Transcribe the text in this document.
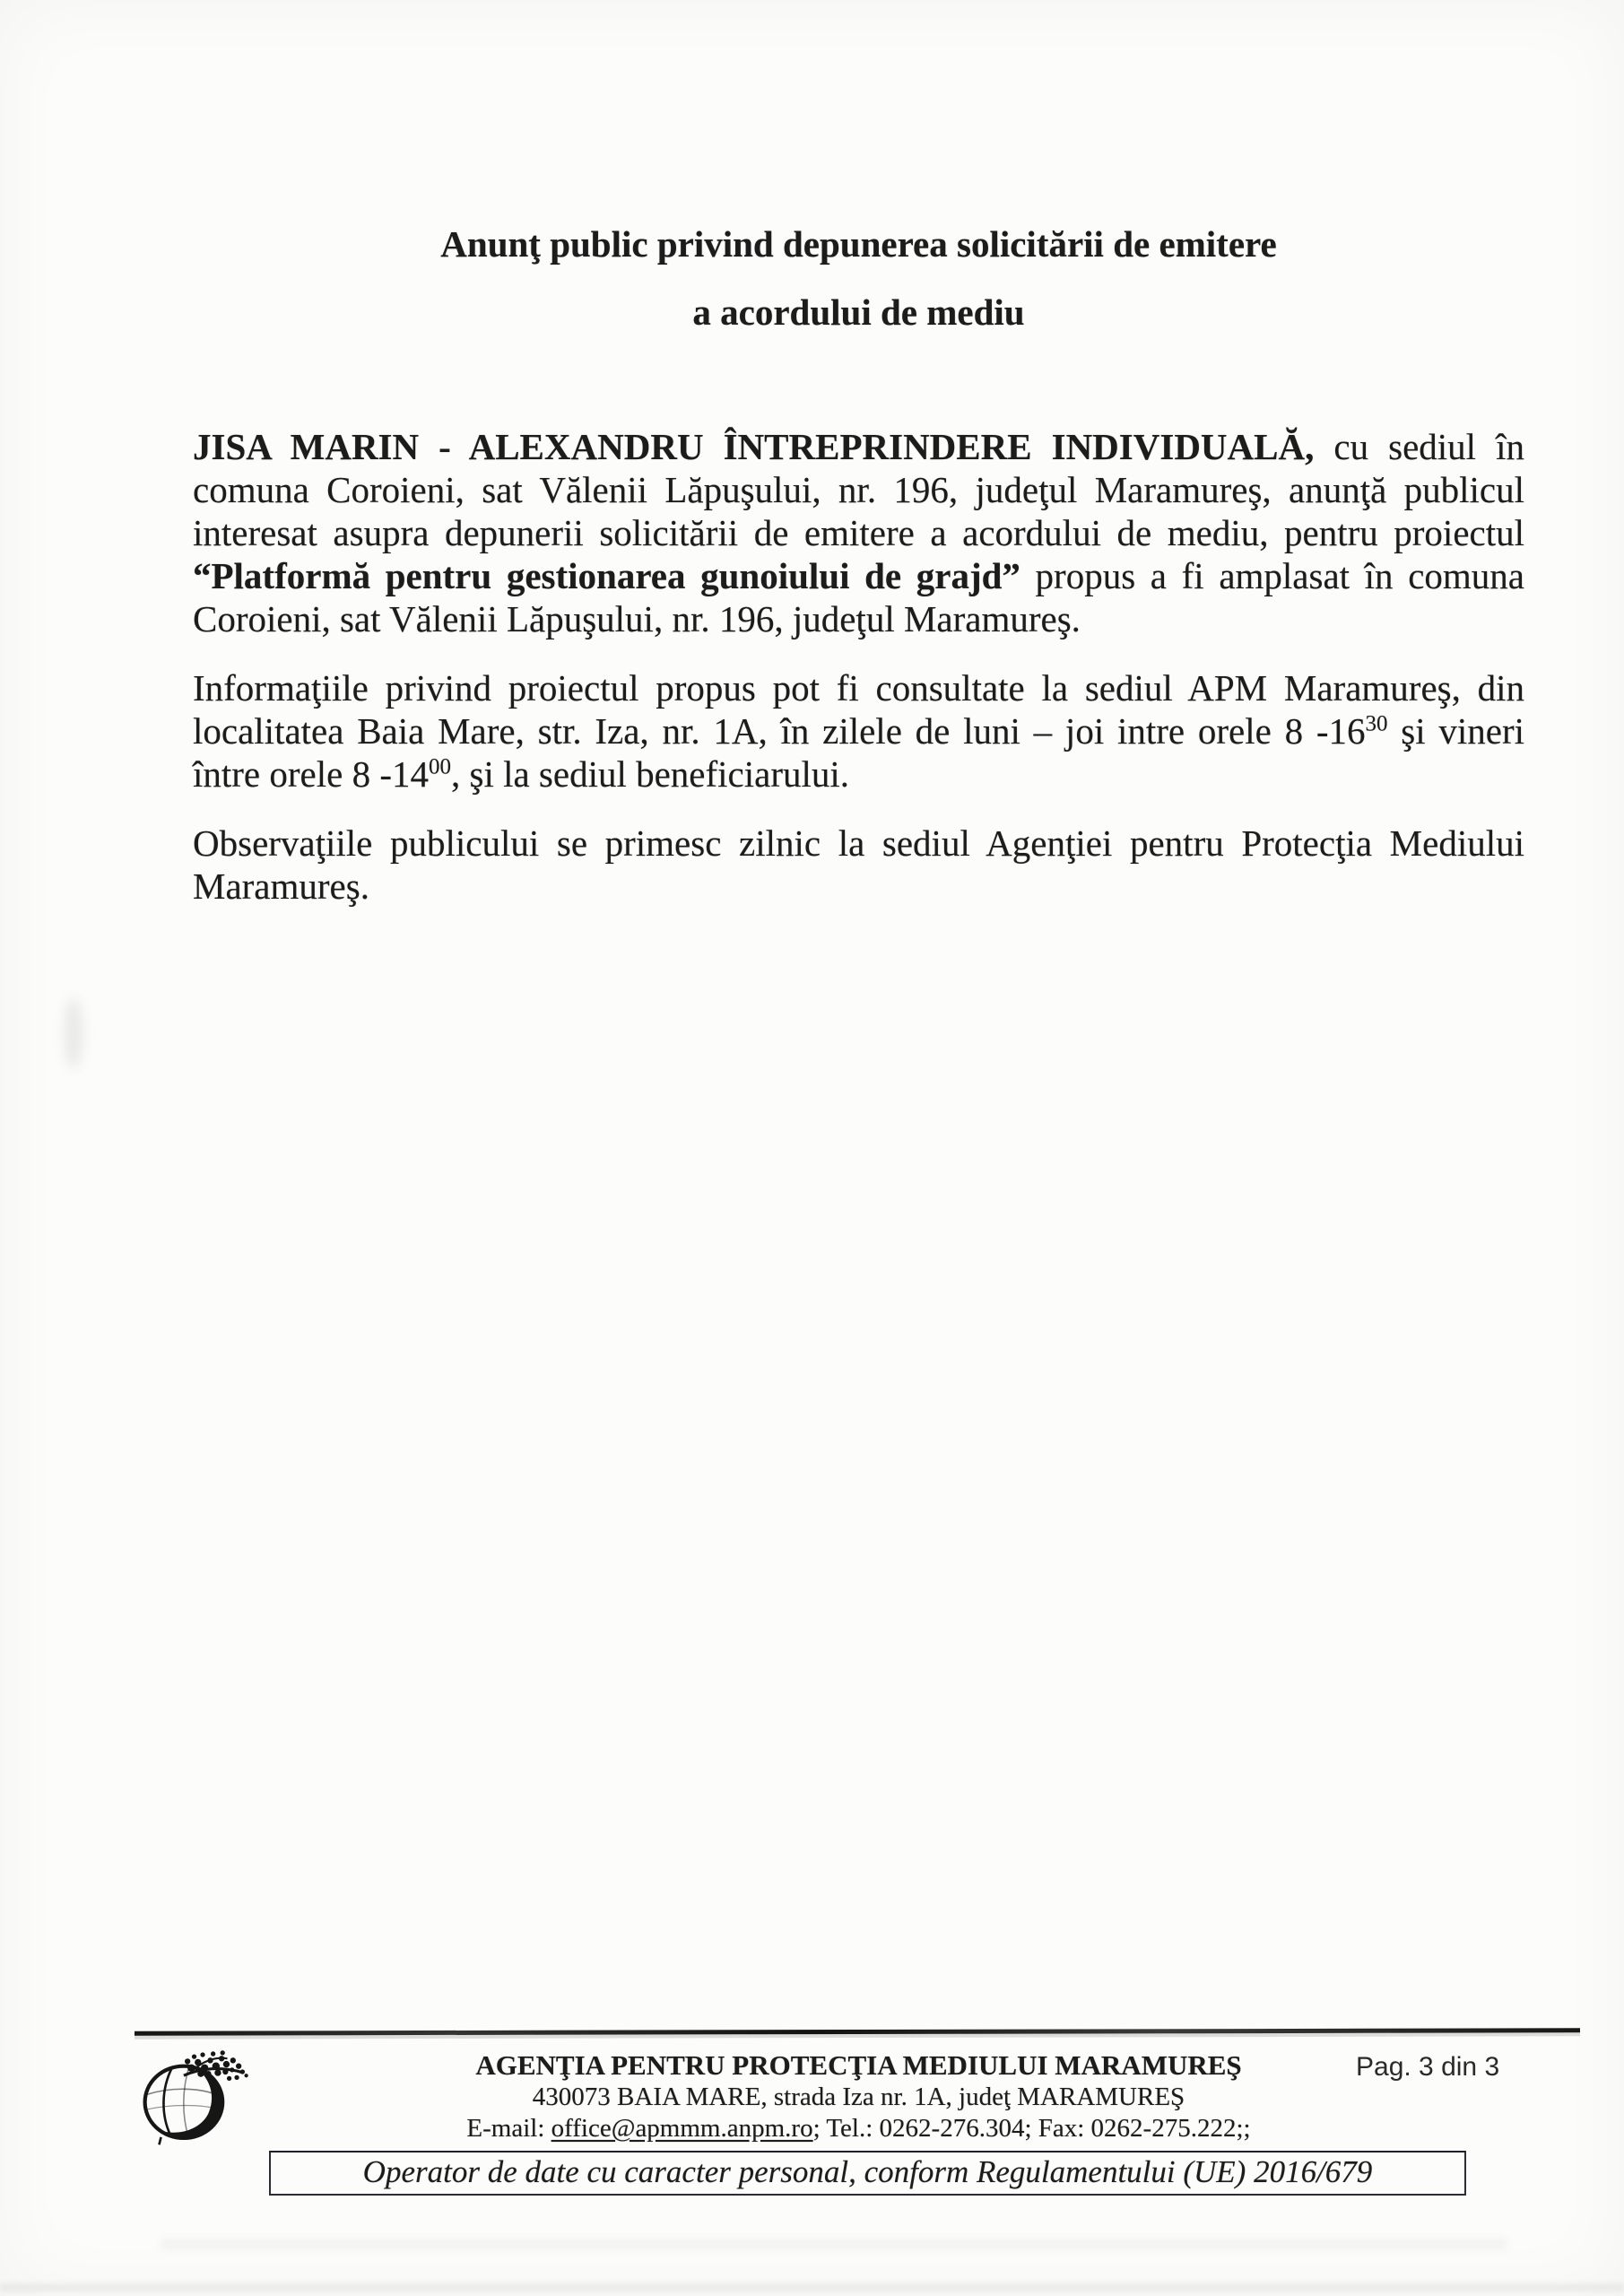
Anunţ public privind depunerea solicitării de emitere
a acordului de mediu

JISA MARIN - ALEXANDRU ÎNTREPRINDERE INDIVIDUALĂ, cu sediul în comuna Coroieni, sat Vălenii Lăpuşului, nr. 196, judeţul Maramureş, anunţă publicul interesat asupra depunerii solicitării de emitere a acordului de mediu, pentru proiectul “Platformă pentru gestionarea gunoiului de grajd” propus a fi amplasat în comuna Coroieni, sat Vălenii Lăpuşului, nr. 196, judeţul Maramureş.

Informaţiile privind proiectul propus pot fi consultate la sediul APM Maramureş, din localitatea Baia Mare, str. Iza, nr. 1A, în zilele de luni – joi intre orele 8 $-16^{30}$ şi vineri între orele 8 $-14^{00}$, şi la sediul beneficiarului.

Observaţiile publicului se primesc zilnic la sediul Agenţiei pentru Protecţia Mediului Maramureş.

AGENŢIA PENTRU PROTECŢIA MEDIULUI MARAMUREŞ
430073 BAIA MARE, strada Iza nr. 1A, judeţ MARAMUREŞ
E-mail: office@apmmm.anpm.ro; Tel.: 0262-276.304; Fax: 0262-275.222;;
Pag. 3 din 3
Operator de date cu caracter personal, conform Regulamentului (UE) 2016/679
